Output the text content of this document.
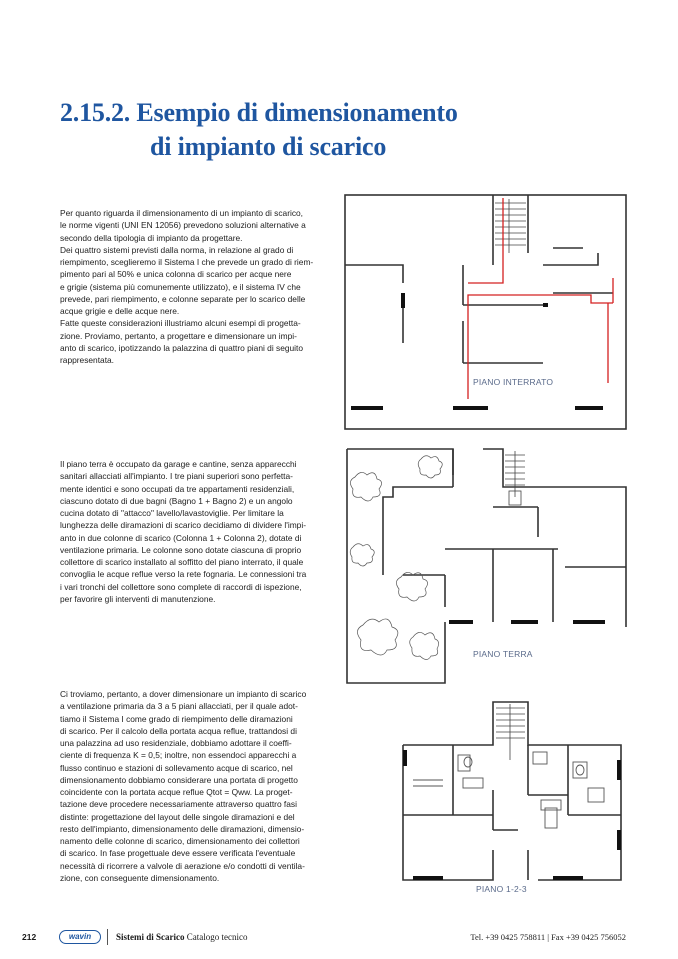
2.15.2. Esempio di dimensionamento
di impianto di scarico
Per quanto riguarda il dimensionamento di un impianto di scarico,
le norme vigenti (UNI EN 12056) prevedono soluzioni alternative a
secondo della tipologia di impianto da progettare.
Dei quattro sistemi previsti dalla norma, in relazione al grado di
riempimento, sceglieremo il Sistema I che prevede un grado di riem-
pimento pari al 50% e unica colonna di scarico per acque nere
e grigie (sistema più comunemente utilizzato), e il sistema IV che
prevede, pari riempimento, e colonne separate per lo scarico delle
acque grigie e delle acque nere.
Fatte queste considerazioni illustriamo alcuni esempi di progetta-
zione. Proviamo, pertanto, a progettare e dimensionare un impi-
anto di scarico, ipotizzando la palazzina di quattro piani di seguito
rappresentata.
Il piano terra è occupato da garage e cantine, senza apparecchi
sanitari allacciati all'impianto. I tre piani superiori sono perfetta-
mente identici e sono occupati da tre appartamenti residenziali,
ciascuno dotato di due bagni (Bagno 1 + Bagno 2) e un angolo
cucina dotato di "attacco" lavello/lavastoviglie. Per limitare la
lunghezza delle diramazioni di scarico decidiamo di dividere l'impi-
anto in due colonne di scarico (Colonna 1 + Colonna 2), dotate di
ventilazione primaria. Le colonne sono dotate ciascuna di proprio
collettore di scarico installato al soffitto del piano interrato, il quale
convoglia le acque reflue verso la rete fognaria. Le connessioni tra
i vari tronchi del collettore sono complete di raccordi di ispezione,
per favorire gli interventi di manutenzione.
Ci troviamo, pertanto, a dover dimensionare un impianto di scarico
a ventilazione primaria da 3 a 5 piani allacciati, per il quale adot-
tiamo il Sistema I come grado di riempimento delle diramazioni
di scarico. Per il calcolo della portata acqua reflue, trattandosi di
una palazzina ad uso residenziale, dobbiamo adottare il coeffi-
ciente di frequenza K = 0,5; inoltre, non essendoci apparecchi a
flusso continuo e stazioni di sollevamento acque di scarico, nel
dimensionamento dobbiamo considerare una portata di progetto
coincidente con la portata acque reflue Qtot = Qww. La proget-
tazione deve procedere necessariamente attraverso quattro fasi
distinte: progettazione del layout delle singole diramazioni e del
resto dell'impianto, dimensionamento delle diramazioni, dimensio-
namento delle colonne di scarico, dimensionamento dei collettori
di scarico. In fase progettuale deve essere verificata l'eventuale
necessità di ricorrere a valvole di aerazione e/o condotti di ventila-
zione, con conseguente dimensionamento.
PIANO INTERRATO
PIANO TERRA
PIANO 1-2-3
212	wavin	Sistemi di Scarico Catalogo tecnico	Tel. +39 0425 758811 | Fax +39 0425 756052
